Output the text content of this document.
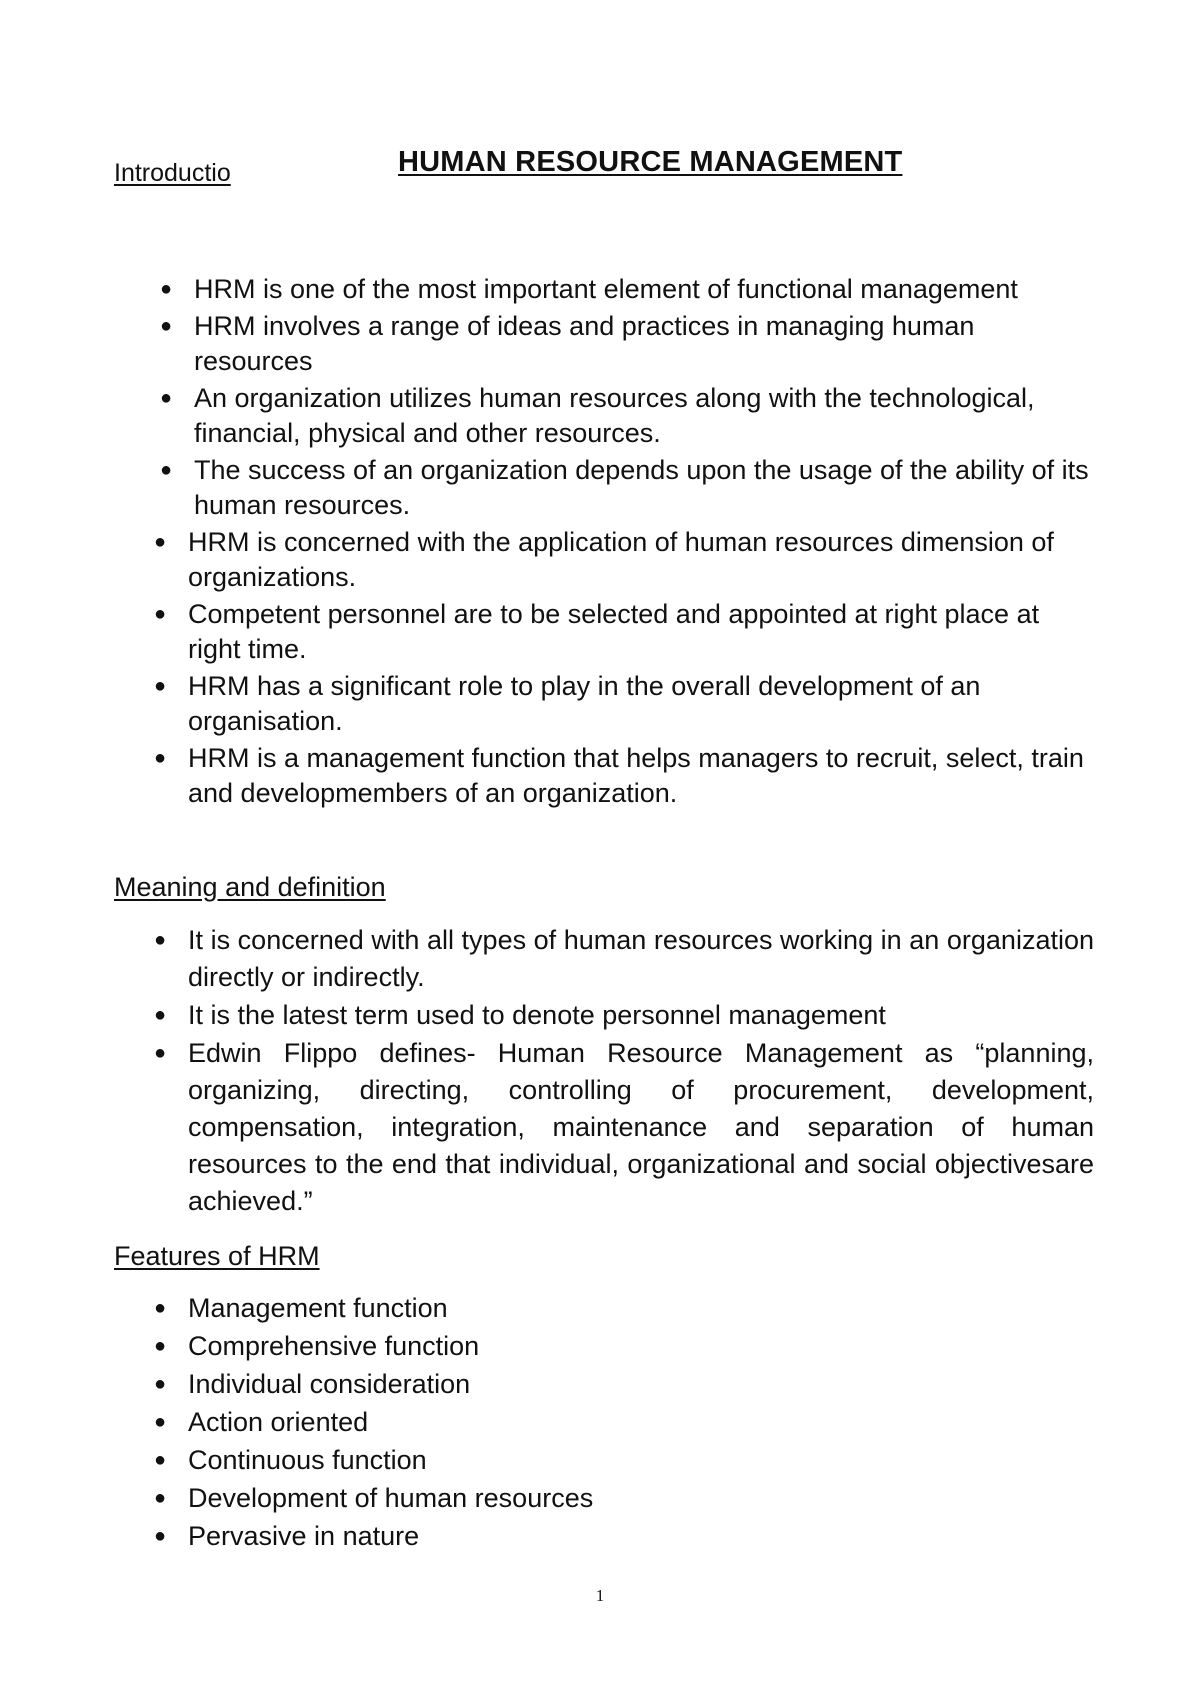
Introductio	HUMAN RESOURCE MANAGEMENT
● HRM is one of the most important element of functional management
● HRM involves a range of ideas and practices in managing human resources
● An organization utilizes human resources along with the technological, financial, physical and other resources.
● The success of an organization depends upon the usage of the ability of its human resources.
● HRM is concerned with the application of human resources dimension of organizations.
● Competent personnel are to be selected and appointed at right place at right time.
● HRM has a significant role to play in the overall development of an organisation.
● HRM is a management function that helps managers to recruit, select, train and developmembers of an organization.
Meaning and definition
● It is concerned with all types of human resources working in an organization directly or indirectly.
● It is the latest term used to denote personnel management
● Edwin Flippo defines- Human Resource Management as “planning, organizing, directing, controlling of procurement, development, compensation, integration, maintenance and separation of human resources to the end that individual, organizational and social objectivesare achieved.”
Features of HRM
● Management function
● Comprehensive function
● Individual consideration
● Action oriented
● Continuous function
● Development of human resources
● Pervasive in nature
1
